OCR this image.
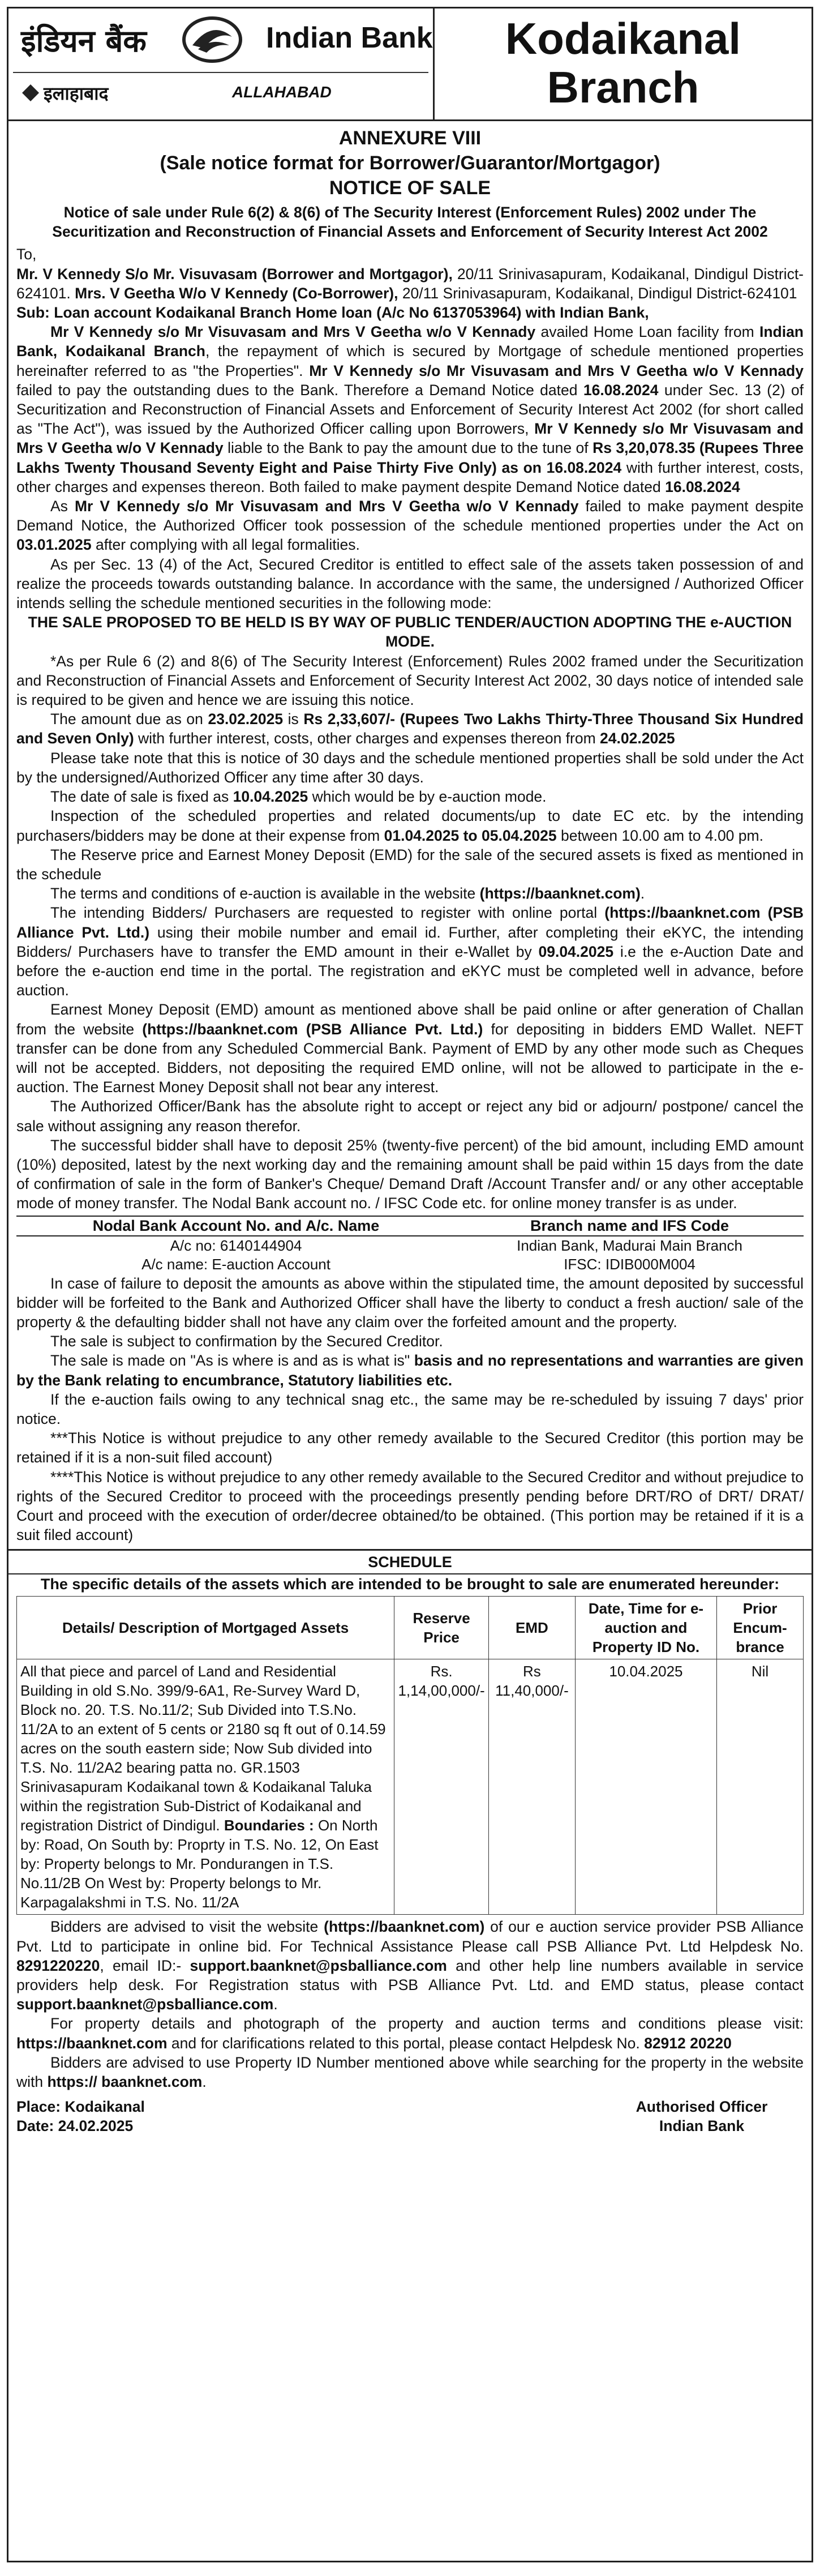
इंडियन बैंक	Indian Bank
इलाहाबाद	ALLAHABAD
Kodaikanal
Branch
ANNEXURE VIII
(Sale notice format for Borrower/Guarantor/Mortgagor)
NOTICE OF SALE
Notice of sale under Rule 6(2) & 8(6) of The Security Interest (Enforcement Rules) 2002 under The Securitization and Reconstruction of Financial Assets and Enforcement of Security Interest Act 2002
To,

Mr. V Kennedy S/o Mr. Visuvasam (Borrower and Mortgagor), 20/11 Srinivasapuram, Kodaikanal, Dindigul District-624101. Mrs. V Geetha W/o V Kennedy (Co-Borrower), 20/11 Srinivasapuram, Kodaikanal, Dindigul District-624101

Sub: Loan account Kodaikanal Branch Home loan (A/c No 6137053964) with Indian Bank,

Mr V Kennedy s/o Mr Visuvasam and Mrs V Geetha w/o V Kennady availed Home Loan facility from Indian Bank, Kodaikanal Branch, the repayment of which is secured by Mortgage of schedule mentioned properties hereinafter referred to as "the Properties". Mr V Kennedy s/o Mr Visuvasam and Mrs V Geetha w/o V Kennady failed to pay the outstanding dues to the Bank. Therefore a Demand Notice dated 16.08.2024 under Sec. 13 (2) of Securitization and Reconstruction of Financial Assets and Enforcement of Security Interest Act 2002 (for short called as "The Act"), was issued by the Authorized Officer calling upon Borrowers, Mr V Kennedy s/o Mr Visuvasam and Mrs V Geetha w/o V Kennady liable to the Bank to pay the amount due to the tune of Rs 3,20,078.35 (Rupees Three Lakhs Twenty Thousand Seventy Eight and Paise Thirty Five Only) as on 16.08.2024 with further interest, costs, other charges and expenses thereon. Both failed to make payment despite Demand Notice dated 16.08.2024

As Mr V Kennedy s/o Mr Visuvasam and Mrs V Geetha w/o V Kennady failed to make payment despite Demand Notice, the Authorized Officer took possession of the schedule mentioned properties under the Act on 03.01.2025 after complying with all legal formalities.

As per Sec. 13 (4) of the Act, Secured Creditor is entitled to effect sale of the assets taken possession of and realize the proceeds towards outstanding balance. In accordance with the same, the undersigned / Authorized Officer intends selling the schedule mentioned securities in the following mode:

THE SALE PROPOSED TO BE HELD IS BY WAY OF PUBLIC TENDER/AUCTION ADOPTING THE e-AUCTION MODE.

*As per Rule 6 (2) and 8(6) of The Security Interest (Enforcement) Rules 2002 framed under the Securitization and Reconstruction of Financial Assets and Enforcement of Security Interest Act 2002, 30 days notice of intended sale is required to be given and hence we are issuing this notice.

The amount due as on 23.02.2025 is Rs 2,33,607/- (Rupees Two Lakhs Thirty-Three Thousand Six Hundred and Seven Only) with further interest, costs, other charges and expenses thereon from 24.02.2025

Please take note that this is notice of 30 days and the schedule mentioned properties shall be sold under the Act by the undersigned/Authorized Officer any time after 30 days.

The date of sale is fixed as 10.04.2025 which would be by e-auction mode.

Inspection of the scheduled properties and related documents/up to date EC etc. by the intending purchasers/bidders may be done at their expense from 01.04.2025 to 05.04.2025 between 10.00 am to 4.00 pm.

The Reserve price and Earnest Money Deposit (EMD) for the sale of the secured assets is fixed as mentioned in the schedule

The terms and conditions of e-auction is available in the website (https://baanknet.com).

The intending Bidders/ Purchasers are requested to register with online portal (https://baanknet.com (PSB Alliance Pvt. Ltd.) using their mobile number and email id. Further, after completing their eKYC, the intending Bidders/ Purchasers have to transfer the EMD amount in their e-Wallet by 09.04.2025 i.e the e-Auction Date and before the e-auction end time in the portal. The registration and eKYC must be completed well in advance, before auction.

Earnest Money Deposit (EMD) amount as mentioned above shall be paid online or after generation of Challan from the website (https://baanknet.com (PSB Alliance Pvt. Ltd.) for depositing in bidders EMD Wallet. NEFT transfer can be done from any Scheduled Commercial Bank. Payment of EMD by any other mode such as Cheques will not be accepted. Bidders, not depositing the required EMD online, will not be allowed to participate in the e-auction. The Earnest Money Deposit shall not bear any interest.

The Authorized Officer/Bank has the absolute right to accept or reject any bid or adjourn/ postpone/ cancel the sale without assigning any reason therefor.

The successful bidder shall have to deposit 25% (twenty-five percent) of the bid amount, including EMD amount (10%) deposited, latest by the next working day and the remaining amount shall be paid within 15 days from the date of confirmation of sale in the form of Banker's Cheque/ Demand Draft /Account Transfer and/ or any other acceptable mode of money transfer. The Nodal Bank account no. / IFSC Code etc. for online money transfer is as under.

Nodal Bank Account No. and A/c. Name	Branch name and IFS Code
A/c no: 6140144904	Indian Bank, Madurai Main Branch
A/c name: E-auction Account	IFSC: IDIB000M004

In case of failure to deposit the amounts as above within the stipulated time, the amount deposited by successful bidder will be forfeited to the Bank and Authorized Officer shall have the liberty to conduct a fresh auction/ sale of the property & the defaulting bidder shall not have any claim over the forfeited amount and the property.

The sale is subject to confirmation by the Secured Creditor.

The sale is made on "As is where is and as is what is" basis and no representations and warranties are given by the Bank relating to encumbrance, Statutory liabilities etc.

If the e-auction fails owing to any technical snag etc., the same may be re-scheduled by issuing 7 days' prior notice.

***This Notice is without prejudice to any other remedy available to the Secured Creditor (this portion may be retained if it is a non-suit filed account)

****This Notice is without prejudice to any other remedy available to the Secured Creditor and without prejudice to rights of the Secured Creditor to proceed with the proceedings presently pending before DRT/RO of DRT/ DRAT/ Court and proceed with the execution of order/decree obtained/to be obtained. (This portion may be retained if it is a suit filed account)

SCHEDULE
The specific details of the assets which are intended to be brought to sale are enumerated hereunder:
Details/ Description of Mortgaged Assets	Reserve Price	EMD	Date, Time for e-auction and Property ID No.	Prior Encum-brance
All that piece and parcel of Land and Residential Building in old S.No. 399/9-6A1, Re-Survey Ward D, Block no. 20. T.S. No.11/2; Sub Divided into T.S.No. 11/2A to an extent of 5 cents or 2180 sq ft out of 0.14.59 acres on the south eastern side; Now Sub divided into T.S. No. 11/2A2 bearing patta no. GR.1503 Srinivasapuram Kodaikanal town & Kodaikanal Taluka within the registration Sub-District of Kodaikanal and registration District of Dindigul. Boundaries : On North by: Road, On South by: Proprty in T.S. No. 12, On East by: Property belongs to Mr. Pondurangen in T.S. No.11/2B On West by: Property belongs to Mr. Karpagalakshmi in T.S. No. 11/2A	Rs. 1,14,00,000/-	Rs 11,40,000/-	10.04.2025	Nil

Bidders are advised to visit the website (https://baanknet.com) of our e auction service provider PSB Alliance Pvt. Ltd to participate in online bid. For Technical Assistance Please call PSB Alliance Pvt. Ltd Helpdesk No. 8291220220, email ID:- support.baanknet@psballiance.com and other help line numbers available in service providers help desk. For Registration status with PSB Alliance Pvt. Ltd. and EMD status, please contact support.baanknet@psballiance.com.

For property details and photograph of the property and auction terms and conditions please visit: https://baanknet.com and for clarifications related to this portal, please contact Helpdesk No. 82912 20220

Bidders are advised to use Property ID Number mentioned above while searching for the property in the website with https:// baanknet.com.

Place: Kodaikanal
Date: 24.02.2025
Authorised Officer
Indian Bank
